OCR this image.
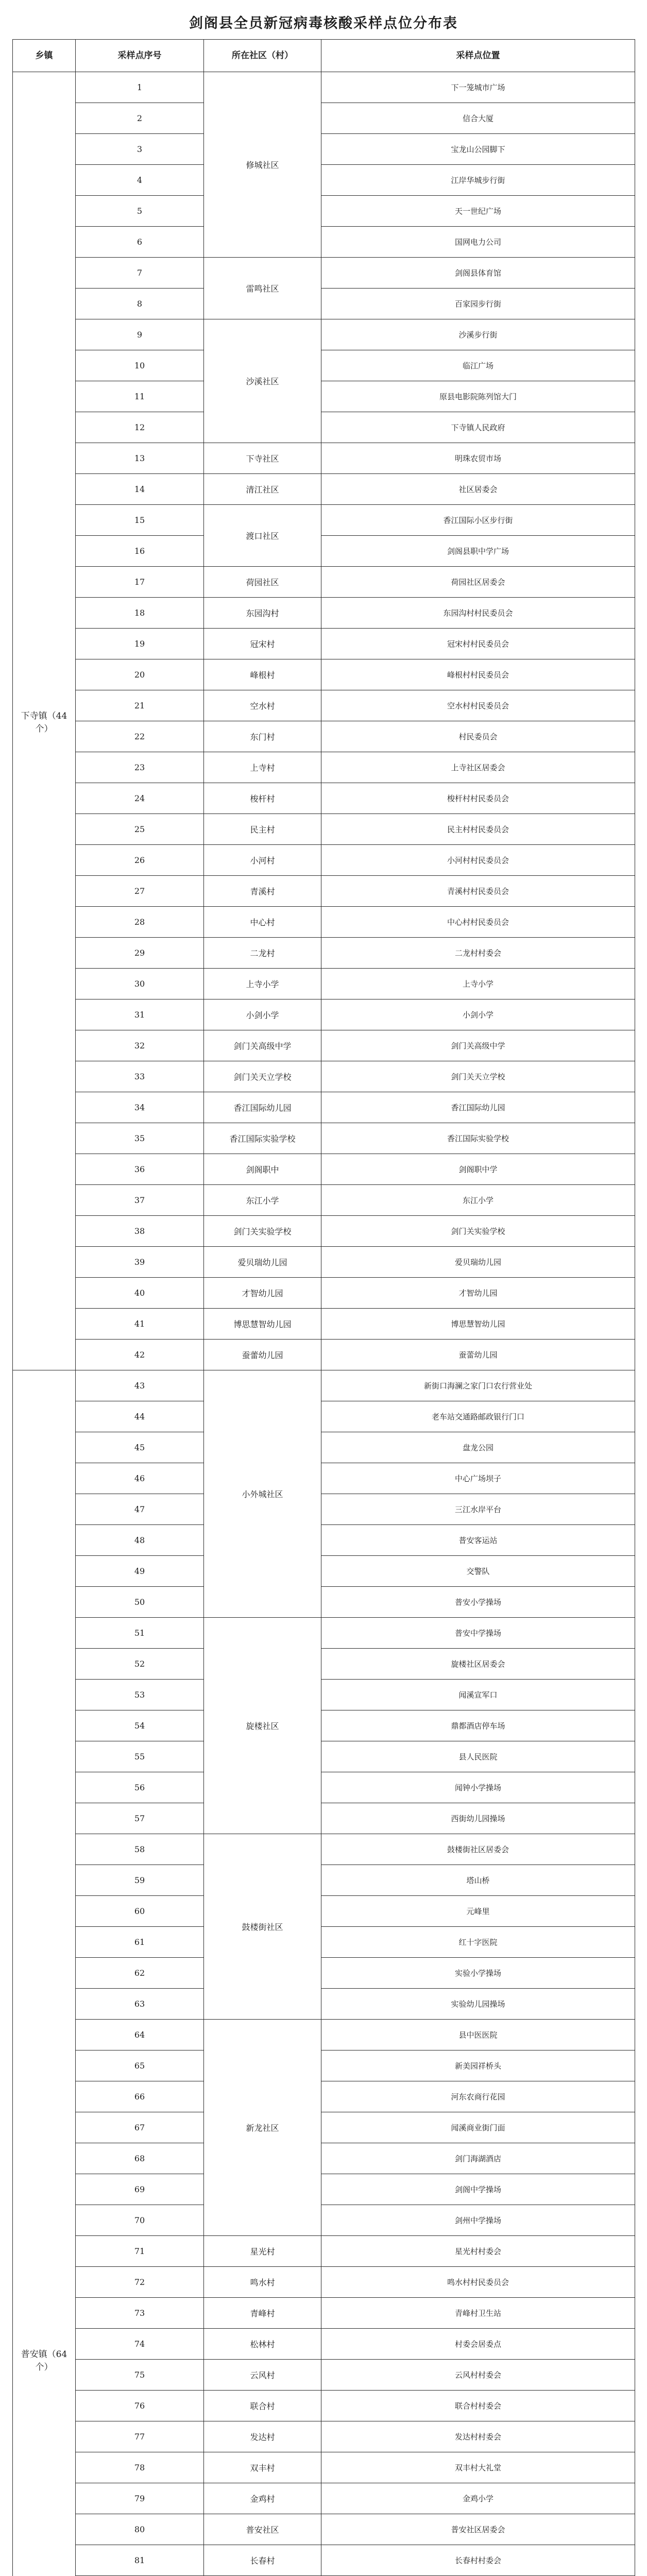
剑阁县全员新冠病毒核酸采样点位分布表
乡镇	采样点序号	所在社区（村）	采样点位置
下寺镇（44个）	1	修城社区	下一笼城市广场
	2		信合大厦
	3		宝龙山公园脚下
	4		江岸华城步行街
	5		天一世纪广场
	6		国网电力公司
	7	雷鸣社区	剑阁县体育馆
	8		百家园步行街
	9	沙溪社区	沙溪步行街
	10		临江广场
	11		原县电影院陈列馆大门
	12		下寺镇人民政府
	13	下寺社区	明珠农贸市场
	14	清江社区	社区居委会
	15	渡口社区	香江国际小区步行街
	16		剑阁县职中学广场
	17	荷园社区	荷园社区居委会
	18	东园沟村	东园沟村村民委员会
	19	冠宋村	冠宋村村民委员会
	20	峰根村	峰根村村民委员会
	21	空水村	空水村村民委员会
	22	东门村	村民委员会
	23	上寺村	上寺社区居委会
	24	梭杆村	梭杆村村民委员会
	25	民主村	民主村村民委员会
	26	小河村	小河村村民委员会
	27	青溪村	青溪村村民委员会
	28	中心村	中心村村民委员会
	29	二龙村	二龙村村委会
	30	上寺小学	上寺小学
	31	小剑小学	小剑小学
	32	剑门关高级中学	剑门关高级中学
	33	剑门关天立学校	剑门关天立学校
	34	香江国际幼儿园	香江国际幼儿园
	35	香江国际实验学校	香江国际实验学校
	36	剑阁职中	剑阁职中学
	37	东江小学	东江小学
	38	剑门关实验学校	剑门关实验学校
	39	爱贝瑞幼儿园	爱贝瑞幼儿园
	40	才智幼儿园	才智幼儿园
	41	博思慧智幼儿园	博思慧智幼儿园
	42	蚕蕾幼儿园	蚕蕾幼儿园
普安镇（64个）	43	小外城社区	新街口海澜之家门口农行营业处
	44		老车站交通路邮政银行门口
	45		盘龙公园
	46		中心广场坝子
	47		三江水岸平台
	48		普安客运站
	49		交警队
	50		普安小学操场
	51	旋楼社区	普安中学操场
	52		旋楼社区居委会
	53		闻溪宣军口
	54		鼎都酒店停车场
	55		县人民医院
	56		闻钟小学操场
	57		西街幼儿园操场
	58	鼓楼街社区	鼓楼街社区居委会
	59		塔山桥
	60		元峰里
	61		红十字医院
	62		实验小学操场
	63		实验幼儿园操场
	64	新龙社区	县中医医院
	65		新美园祥桥头
	66		河东农商行花园
	67		闻溪商业街门面
	68		剑门海湖酒店
	69		剑阁中学操场
	70		剑州中学操场
	71	星光村	星光村村委会
	72	鸣水村	鸣水村村民委员会
	73	青峰村	青峰村卫生站
	74	松林村	村委会居委点
	75	云风村	云风村村委会
	76	联合村	联合村村委会
	77	发达村	发达村村委会
	78	双丰村	双丰村大礼堂
	79	金鸡村	金鸡小学
	80	普安社区	普安社区居委会
	81	长春村	长春村村委会
